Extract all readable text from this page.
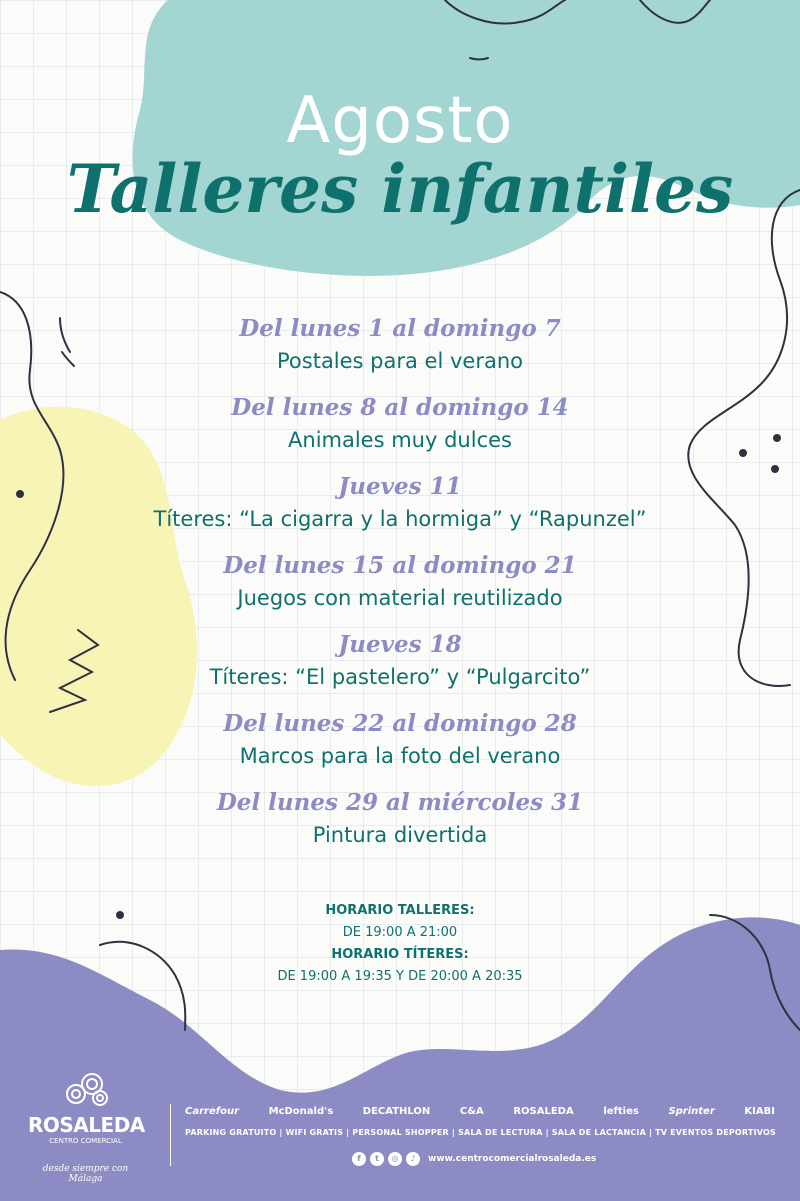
Agosto
Talleres infantiles
Del lunes 1 al domingo 7
Postales para el verano
Del lunes 8 al domingo 14
Animales muy dulces
Jueves 11
Títeres: “La cigarra y la hormiga” y “Rapunzel”
Del lunes 15 al domingo 21
Juegos con material reutilizado
Jueves 18
Títeres: “El pastelero” y “Pulgarcito”
Del lunes 22 al domingo 28
Marcos para la foto del verano
Del lunes 29 al miércoles 31
Pintura divertida
HORARIO TALLERES:
DE 19:00 A 21:00
HORARIO TÍTERES:
DE 19:00 A 19:35 Y DE 20:00 A 20:35
ROSALEDA
CENTRO COMERCIAL
desde siempre con Málaga
Carrefour	McDonald's	DECATHLON	C&A	ROSALEDA	lefties	Sprinter	KIABI
PARKING GRATUITO | WIFI GRATIS | PERSONAL SHOPPER | SALA DE LECTURA | SALA DE LACTANCIA | TV EVENTOS DEPORTIVOS
f	t	◎	♪	www.centrocomercialrosaleda.es
